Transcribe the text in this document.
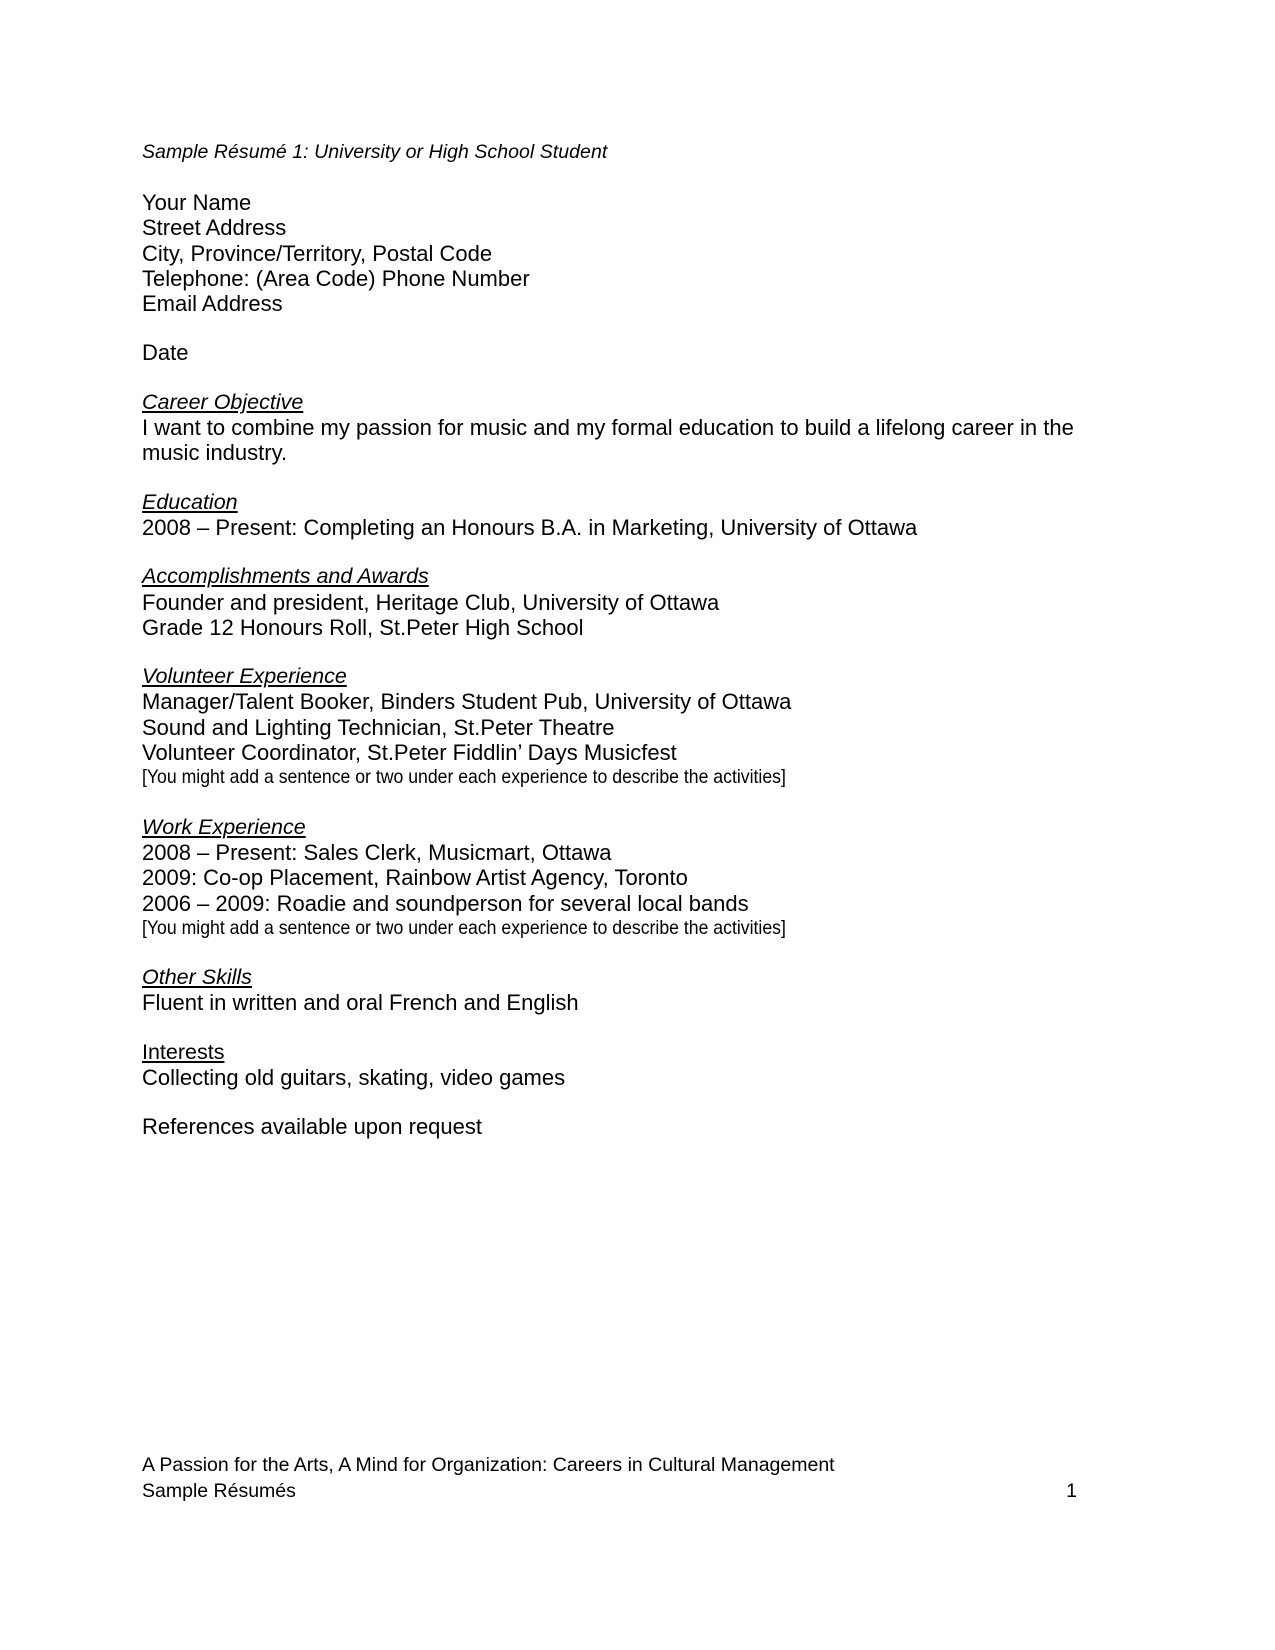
Sample Résumé 1: University or High School Student

Your Name

Street Address

City, Province/Territory, Postal Code

Telephone: (Area Code) Phone Number

Email Address

Date

Career Objective

I want to combine my passion for music and my formal education to build a lifelong career in the music industry.

Education

2008 – Present: Completing an Honours B.A. in Marketing, University of Ottawa

Accomplishments and Awards

Founder and president, Heritage Club, University of Ottawa

Grade 12 Honours Roll, St.Peter High School

Volunteer Experience

Manager/Talent Booker, Binders Student Pub, University of Ottawa

Sound and Lighting Technician, St.Peter Theatre

Volunteer Coordinator, St.Peter Fiddlin’ Days Musicfest

[You might add a sentence or two under each experience to describe the activities]

Work Experience

2008 – Present: Sales Clerk, Musicmart, Ottawa

2009: Co-op Placement, Rainbow Artist Agency, Toronto

2006 – 2009: Roadie and soundperson for several local bands

[You might add a sentence or two under each experience to describe the activities]

Other Skills

Fluent in written and oral French and English

Interests

Collecting old guitars, skating, video games

References available upon request

A Passion for the Arts, A Mind for Organization: Careers in Cultural Management

Sample Résumés	1
